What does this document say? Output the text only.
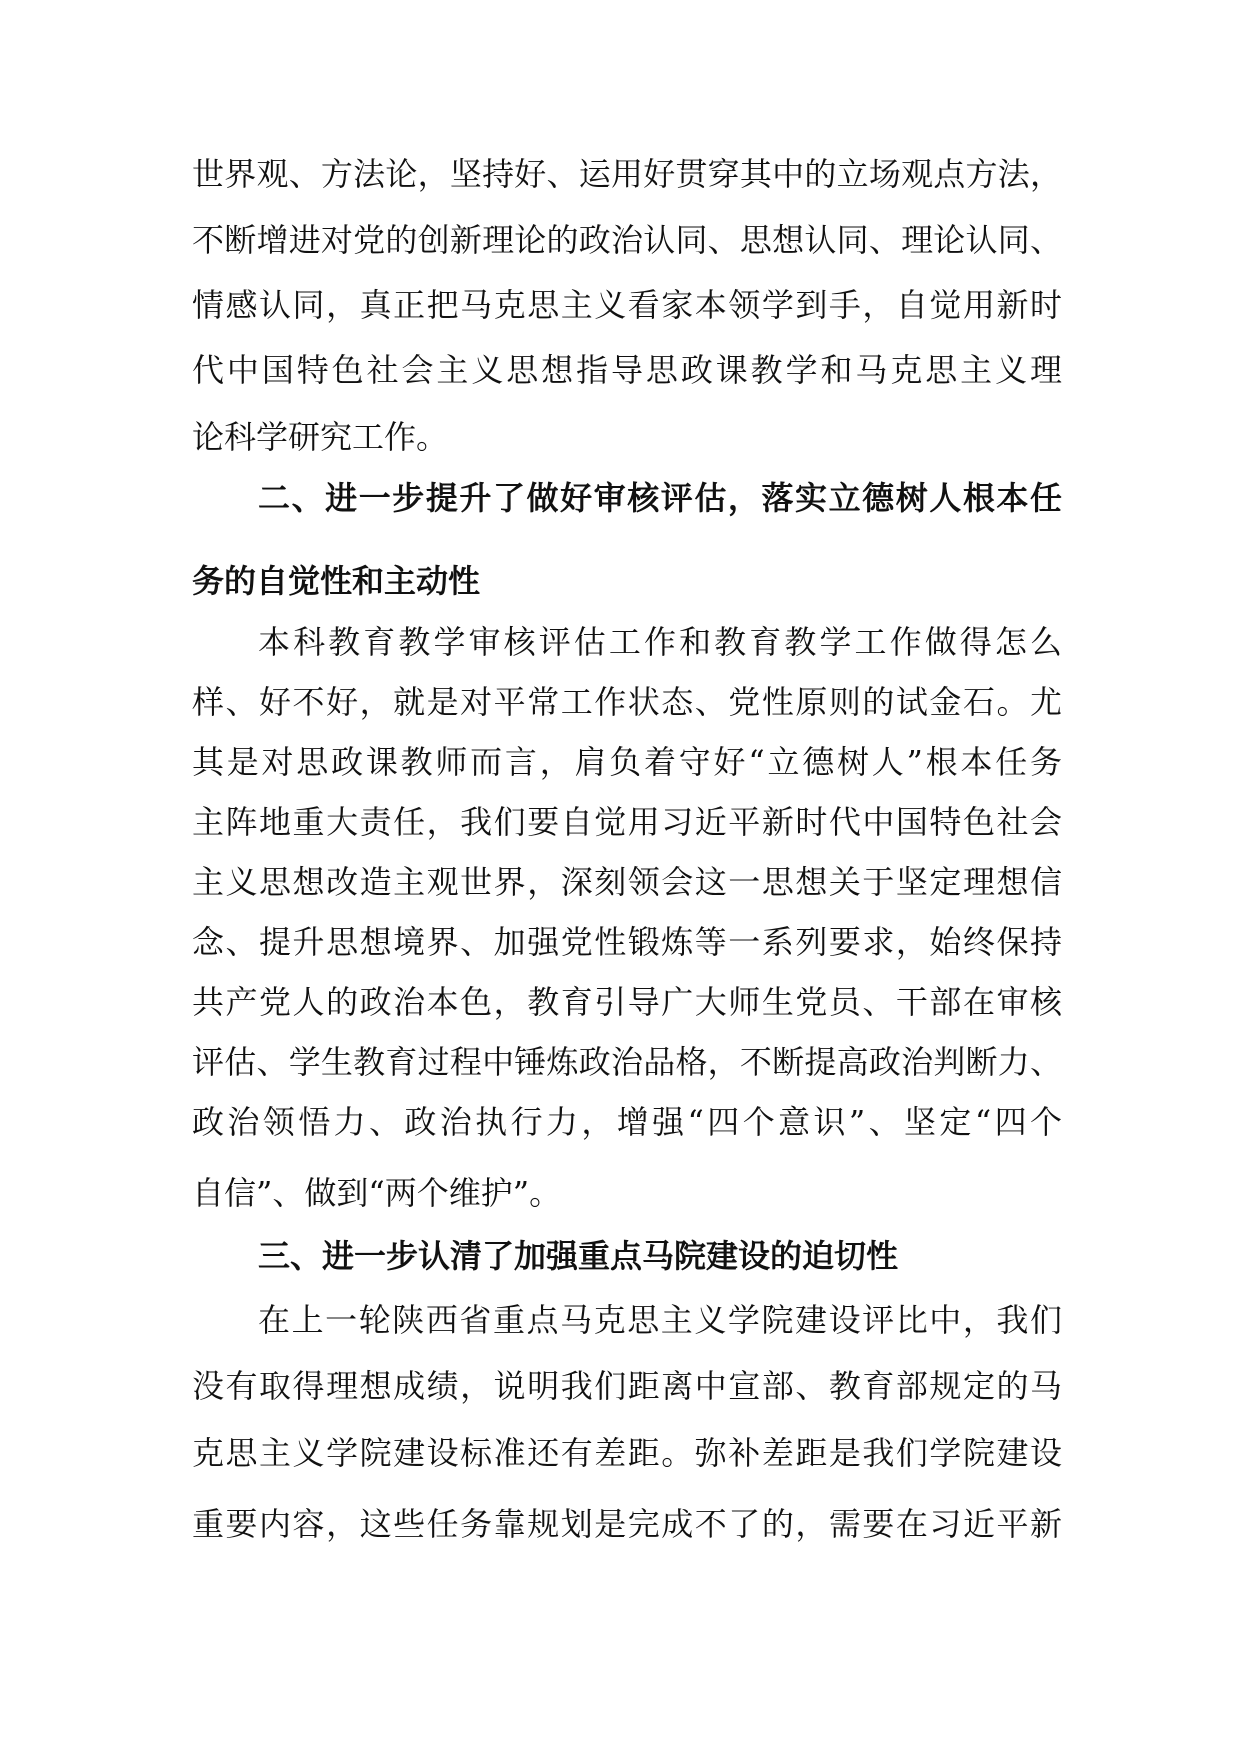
世界观、方法论，坚持好、运用好贯穿其中的立场观点方法，
不断增进对党的创新理论的政治认同、思想认同、理论认同、
情感认同，真正把马克思主义看家本领学到手，自觉用新时
代中国特色社会主义思想指导思政课教学和马克思主义理
论科学研究工作。
二、进一步提升了做好审核评估，落实立德树人根本任
务的自觉性和主动性
本科教育教学审核评估工作和教育教学工作做得怎么
样、好不好，就是对平常工作状态、党性原则的试金石。尤
其是对思政课教师而言，肩负着守好“立德树人”根本任务
主阵地重大责任，我们要自觉用习近平新时代中国特色社会
主义思想改造主观世界，深刻领会这一思想关于坚定理想信
念、提升思想境界、加强党性锻炼等一系列要求，始终保持
共产党人的政治本色，教育引导广大师生党员、干部在审核
评估、学生教育过程中锤炼政治品格，不断提高政治判断力、
政治领悟力、政治执行力，增强“四个意识”、坚定“四个
自信”、做到“两个维护”。
三、进一步认清了加强重点马院建设的迫切性
在上一轮陕西省重点马克思主义学院建设评比中，我们
没有取得理想成绩，说明我们距离中宣部、教育部规定的马
克思主义学院建设标准还有差距。弥补差距是我们学院建设
重要内容，这些任务靠规划是完成不了的，需要在习近平新
